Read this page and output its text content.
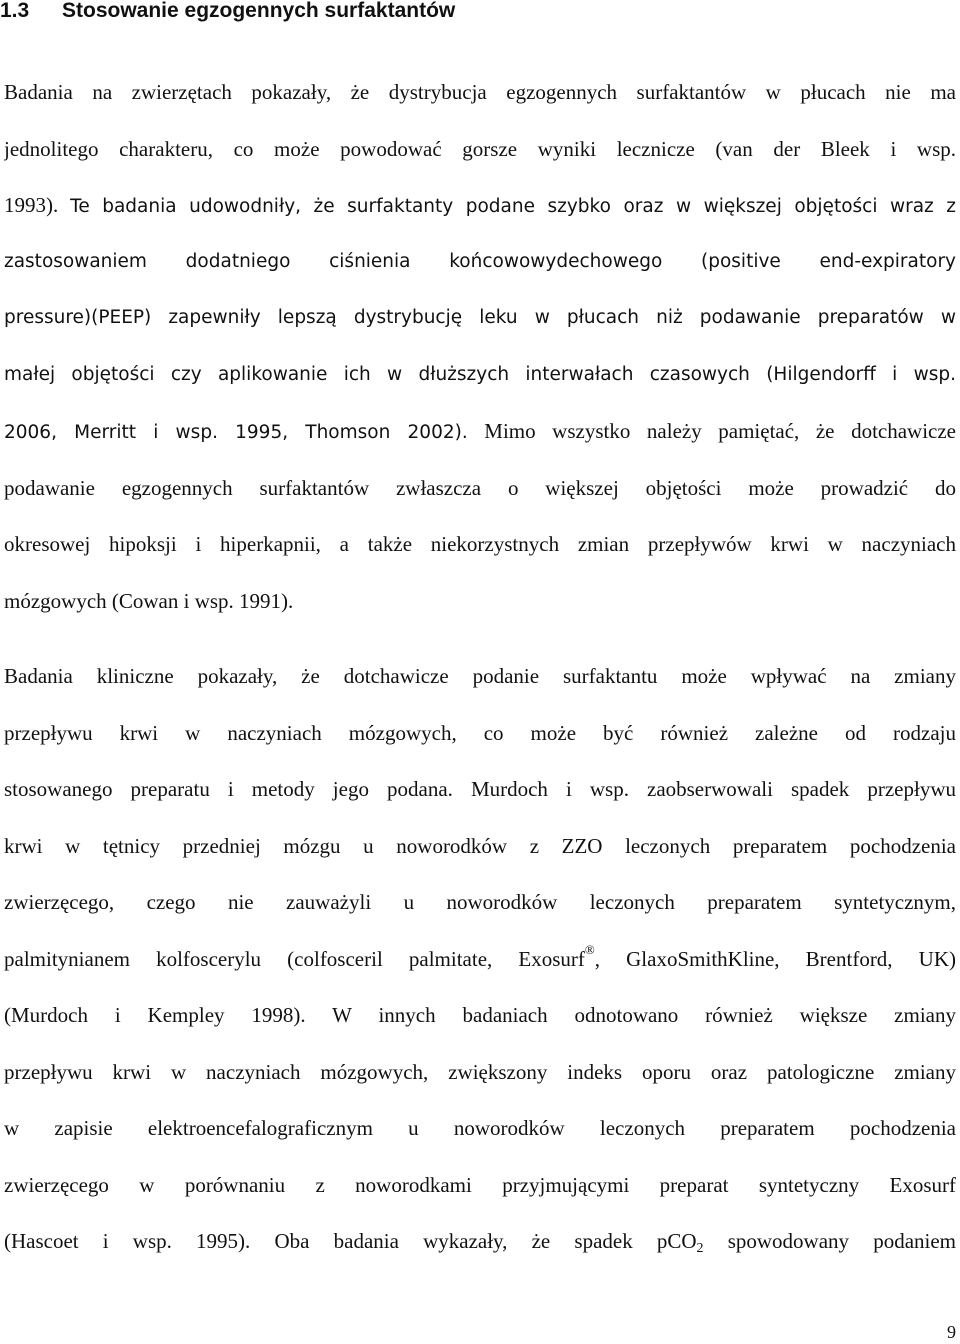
1.3 Stosowanie egzogennych surfaktantów
Badania na zwierzętach pokazały, że dystrybucja egzogennych surfaktantów w płucach nie ma
jednolitego charakteru, co może powodować gorsze wyniki lecznicze (van der Bleek i wsp.
1993). Te badania udowodniły, że surfaktanty podane szybko oraz w większej objętości wraz z
zastosowaniem dodatniego ciśnienia końcowowydechowego (positive end-expiratory
pressure)(PEEP) zapewniły lepszą dystrybucję leku w płucach niż podawanie preparatów w
małej objętości czy aplikowanie ich w dłuższych interwałach czasowych (Hilgendorff i wsp.
2006, Merritt i wsp. 1995, Thomson 2002). Mimo wszystko należy pamiętać, że dotchawicze
podawanie egzogennych surfaktantów zwłaszcza o większej objętości może prowadzić do
okresowej hipoksji i hiperkapnii, a także niekorzystnych zmian przepływów krwi w naczyniach
mózgowych (Cowan i wsp. 1991).
Badania kliniczne pokazały, że dotchawicze podanie surfaktantu może wpływać na zmiany
przepływu krwi w naczyniach mózgowych, co może być również zależne od rodzaju
stosowanego preparatu i metody jego podana. Murdoch i wsp. zaobserwowali spadek przepływu
krwi w tętnicy przedniej mózgu u noworodków z ZZO leczonych preparatem pochodzenia
zwierzęcego, czego nie zauważyli u noworodków leczonych preparatem syntetycznym,
palmitynianem kolfoscerylu (colfosceril palmitate, Exosurf®, GlaxoSmithKline, Brentford, UK)
(Murdoch i Kempley 1998). W innych badaniach odnotowano również większe zmiany
przepływu krwi w naczyniach mózgowych, zwiększony indeks oporu oraz patologiczne zmiany
w zapisie elektroencefalograficznym u noworodków leczonych preparatem pochodzenia
zwierzęcego w porównaniu z noworodkami przyjmującymi preparat syntetyczny Exosurf
(Hascoet i wsp. 1995). Oba badania wykazały, że spadek pCO$_2$ spowodowany podaniem
9
